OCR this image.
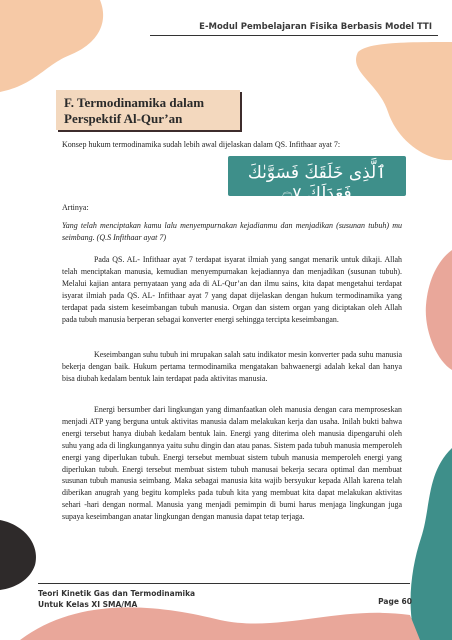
E-Modul Pembelajaran Fisika Berbasis Model TTI
F. Termodinamika dalam Perspektif Al-Qur’an
Konsep hukum termodinamika sudah lebih awal dijelaskan dalam QS. Infithaar ayat 7:
ٱلَّذِى خَلَقَكَ فَسَوَّىٰكَ فَعَدَلَكَ ۝٧
Artinya:
Yang telah menciptakan kamu lalu menyempurnakan kejadianmu dan menjadikan (susunan tubuh) mu seimbang. (Q.S Infithaar ayat 7)
Pada QS. AL- Infithaar ayat 7 terdapat isyarat ilmiah yang sangat menarik untuk dikaji. Allah telah menciptakan manusia, kemudian menyempurnakan kejadiannya dan menjadikan (susunan tubuh). Melalui kajian antara pernyataan yang ada di AL-Qur’an dan ilmu sains, kita dapat mengetahui terdapat isyarat ilmiah pada QS. AL- Infithaar ayat 7 yang dapat dijelaskan dengan hukum termodinamika yang terdapat pada sistem keseimbangan tubuh manusia. Organ dan sistem organ yang diciptakan oleh Allah pada tubuh manusia berperan sebagai konverter energi sehingga tercipta keseimbangan.
Keseimbangan suhu tubuh ini mrupakan salah satu indikator mesin konverter pada suhu manusia bekerja dengan baik. Hukum pertama termodinamika mengatakan bahwaenergi adalah kekal dan hanya bisa diubah kedalam bentuk lain terdapat pada aktivitas manusia.
Energi bersumber dari lingkungan yang dimanfaatkan oleh manusia dengan cara memproseskan menjadi ATP yang berguna untuk aktivitas manusia dalam melakukan kerja dan usaha. Inilah bukti bahwa energi tersebut hanya diubah kedalam bentuk lain. Energi yang diterima oleh manusia dipengaruhi oleh suhu yang ada di lingkungannya yaitu suhu dingin dan atau panas. Sistem pada tubuh manusia memperoleh energi yang diperlukan tubuh. Energi tersebut membuat sistem tubuh manusia memperoleh energi yang diperlukan tubuh. Energi tersebut membuat sistem tubuh manusai bekerja secara optimal dan membuat susunan tubuh manusia seimbang. Maka sebagai manusia kita wajib bersyukur kepada Allah karena telah diberikan anugrah yang begitu kompleks pada tubuh kita yang membuat kita dapat melakukan aktivitas sehari -hari dengan normal. Manusia yang menjadi pemimpin di bumi harus menjaga lingkungan juga supaya keseimbangan anatar lingkungan dengan manusia dapat tetap terjaga.
Teori Kinetik Gas dan Termodinamika
Untuk Kelas XI SMA/MA	Page 60
